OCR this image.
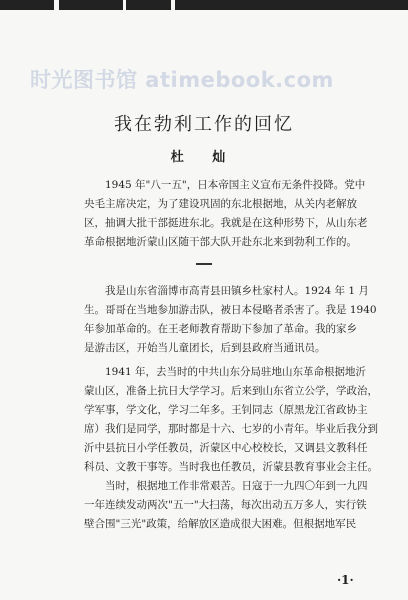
时光图书馆 atimebook.com
我在勃利工作的回忆
杜 灿
1945 年"八一五"，日本帝国主义宣布无条件投降。党中
央毛主席决定，为了建设巩固的东北根据地，从关内老解放
区，抽调大批干部挺进东北。我就是在这种形势下，从山东老
革命根据地沂蒙山区随干部大队开赴东北来到勃利工作的。
我是山东省淄博市高青县田镇乡杜家村人。1924 年 1 月
生。哥哥在当地参加游击队，被日本侵略者杀害了。我是 1940
年参加革命的。在王老师教育帮助下参加了革命。我的家乡
是游击区，开始当儿童团长，后到县政府当通讯员。
1941 年，去当时的中共山东分局驻地山东革命根据地沂
蒙山区，准备上抗日大学学习。后来到山东省立公学，学政治，
学军事，学文化，学习二年多。王钊同志（原黑龙江省政协主
席）我们是同学，那时都是十六、七岁的小青年。毕业后我分到
沂中县抗日小学任教员，沂蒙区中心校校长，又调县文教科任
科员、文教干事等。当时我也任教员，沂蒙县教育事业会主任。
当时，根据地工作非常艰苦。日寇于一九四〇年到一九四
一年连续发动两次"五一"大扫荡，每次出动五万多人，实行铁
壁合围"三光"政策，给解放区造成很大困难。但根据地军民
·1·
